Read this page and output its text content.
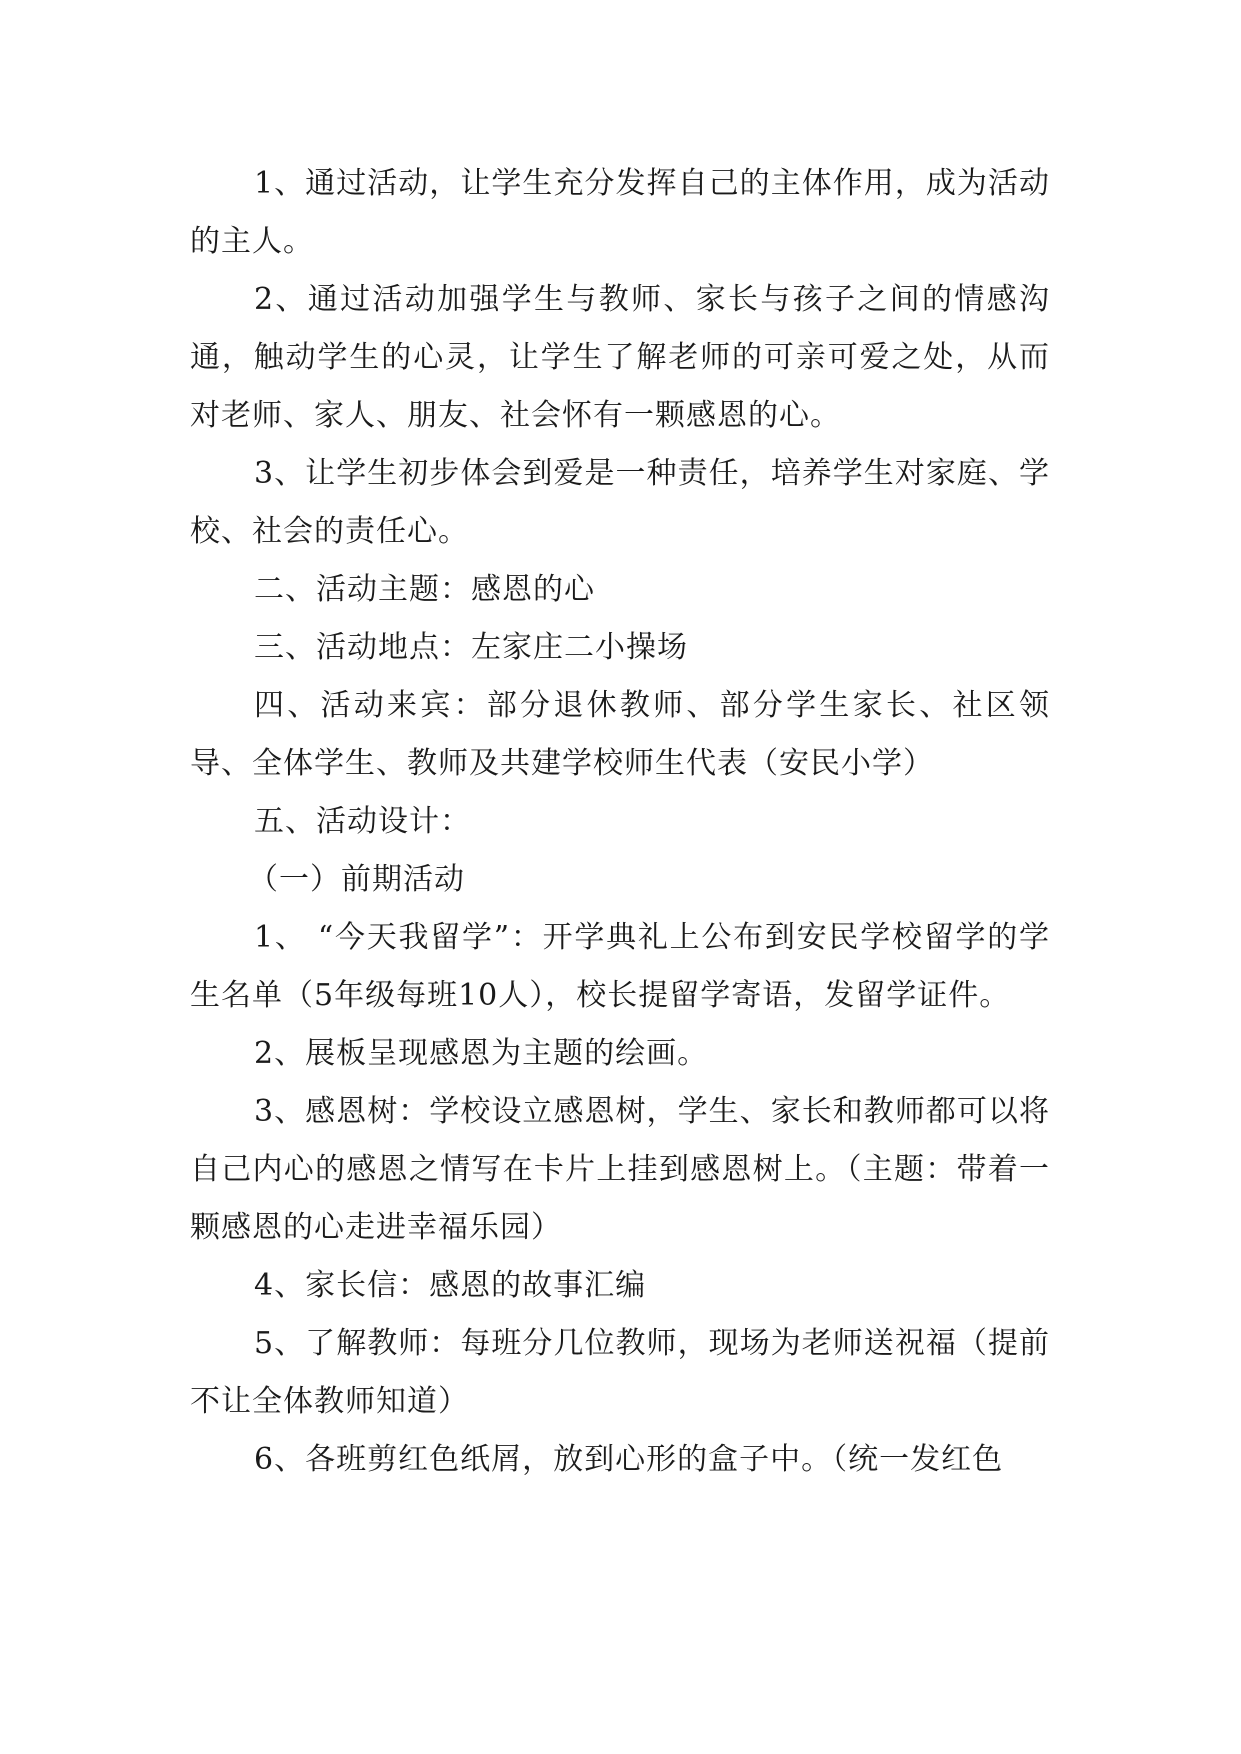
1、通过活动，让学生充分发挥自己的主体作用，成为活动的主人。

2、通过活动加强学生与教师、家长与孩子之间的情感沟通，触动学生的心灵，让学生了解老师的可亲可爱之处，从而对老师、家人、朋友、社会怀有一颗感恩的心。

3、让学生初步体会到爱是一种责任，培养学生对家庭、学校、社会的责任心。

二、活动主题：感恩的心

三、活动地点：左家庄二小操场

四、活动来宾：部分退休教师、部分学生家长、社区领导、全体学生、教师及共建学校师生代表（安民小学）

五、活动设计：

（一）前期活动

1、 “今天我留学”：开学典礼上公布到安民学校留学的学生名单（5年级每班10人），校长提留学寄语，发留学证件。

2、展板呈现感恩为主题的绘画。

3、感恩树：学校设立感恩树，学生、家长和教师都可以将自己内心的感恩之情写在卡片上挂到感恩树上。（主题：带着一颗感恩的心走进幸福乐园）

4、家长信：感恩的故事汇编

5、了解教师：每班分几位教师，现场为老师送祝福（提前不让全体教师知道）

6、各班剪红色纸屑，放到心形的盒子中。（统一发红色
